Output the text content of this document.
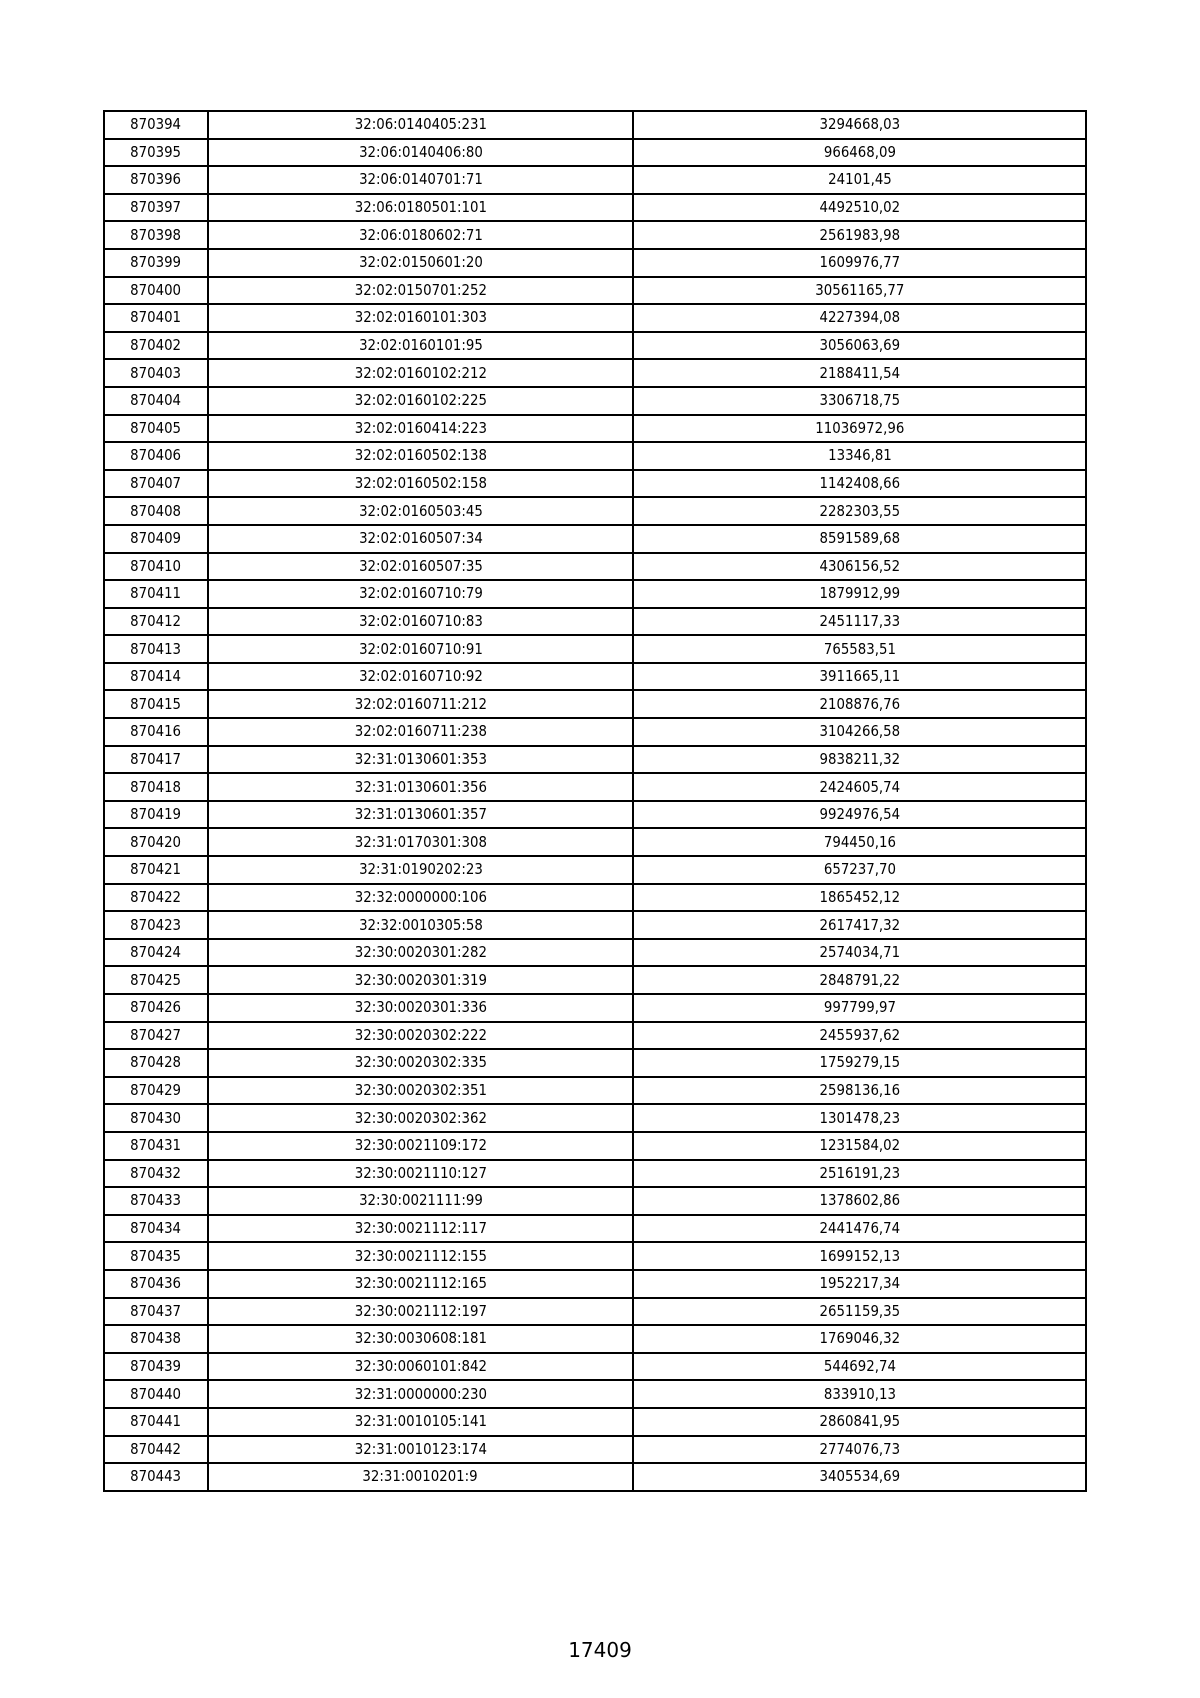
870394	32:06:0140405:231	3294668,03
870395	32:06:0140406:80	966468,09
870396	32:06:0140701:71	24101,45
870397	32:06:0180501:101	4492510,02
870398	32:06:0180602:71	2561983,98
870399	32:02:0150601:20	1609976,77
870400	32:02:0150701:252	30561165,77
870401	32:02:0160101:303	4227394,08
870402	32:02:0160101:95	3056063,69
870403	32:02:0160102:212	2188411,54
870404	32:02:0160102:225	3306718,75
870405	32:02:0160414:223	11036972,96
870406	32:02:0160502:138	13346,81
870407	32:02:0160502:158	1142408,66
870408	32:02:0160503:45	2282303,55
870409	32:02:0160507:34	8591589,68
870410	32:02:0160507:35	4306156,52
870411	32:02:0160710:79	1879912,99
870412	32:02:0160710:83	2451117,33
870413	32:02:0160710:91	765583,51
870414	32:02:0160710:92	3911665,11
870415	32:02:0160711:212	2108876,76
870416	32:02:0160711:238	3104266,58
870417	32:31:0130601:353	9838211,32
870418	32:31:0130601:356	2424605,74
870419	32:31:0130601:357	9924976,54
870420	32:31:0170301:308	794450,16
870421	32:31:0190202:23	657237,70
870422	32:32:0000000:106	1865452,12
870423	32:32:0010305:58	2617417,32
870424	32:30:0020301:282	2574034,71
870425	32:30:0020301:319	2848791,22
870426	32:30:0020301:336	997799,97
870427	32:30:0020302:222	2455937,62
870428	32:30:0020302:335	1759279,15
870429	32:30:0020302:351	2598136,16
870430	32:30:0020302:362	1301478,23
870431	32:30:0021109:172	1231584,02
870432	32:30:0021110:127	2516191,23
870433	32:30:0021111:99	1378602,86
870434	32:30:0021112:117	2441476,74
870435	32:30:0021112:155	1699152,13
870436	32:30:0021112:165	1952217,34
870437	32:30:0021112:197	2651159,35
870438	32:30:0030608:181	1769046,32
870439	32:30:0060101:842	544692,74
870440	32:31:0000000:230	833910,13
870441	32:31:0010105:141	2860841,95
870442	32:31:0010123:174	2774076,73
870443	32:31:0010201:9	3405534,69
17409
